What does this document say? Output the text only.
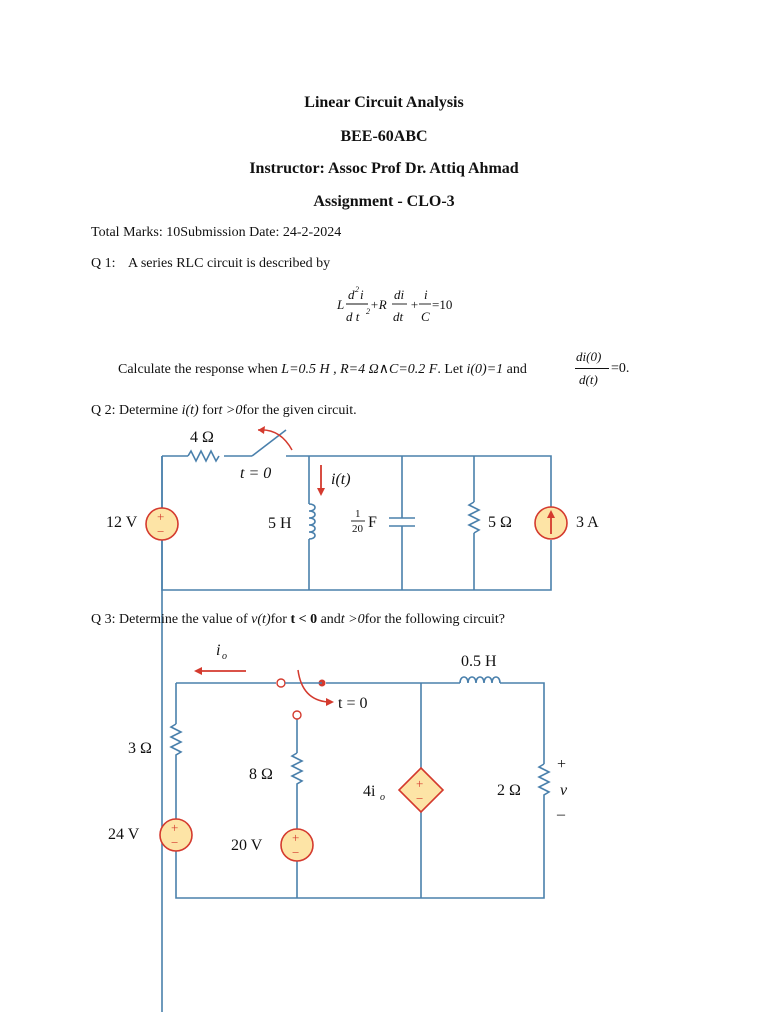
Linear Circuit Analysis
BEE-60ABC
Instructor: Assoc Prof Dr. Attiq Ahmad
Assignment - CLO-3
Total Marks: 10Submission Date: 24-2-2024
Q 1: A series RLC circuit is described by
L
d 2 i
d t 2 +R
di
dt
+
i
C
=10
Calculate the response when L=0.5 H , R=4 Ω∧C=0.2 F. Let i(0)=1 and
di(0)
d(t)
=0.
Q 2: Determine i(t) fort >0for the given circuit.
+
−
4 Ω
t = 0	i(t)
12 V	5 H
1
20 F	5 Ω	3 A
Q 3: Determine the value of v(t)for t < 0 andt >0for the following circuit?
+
−	+
−
+
−
i o	0.5 H
t = 0
3 Ω
8 Ω
4i o	2 Ω
+
v
–
24 V
20 V
